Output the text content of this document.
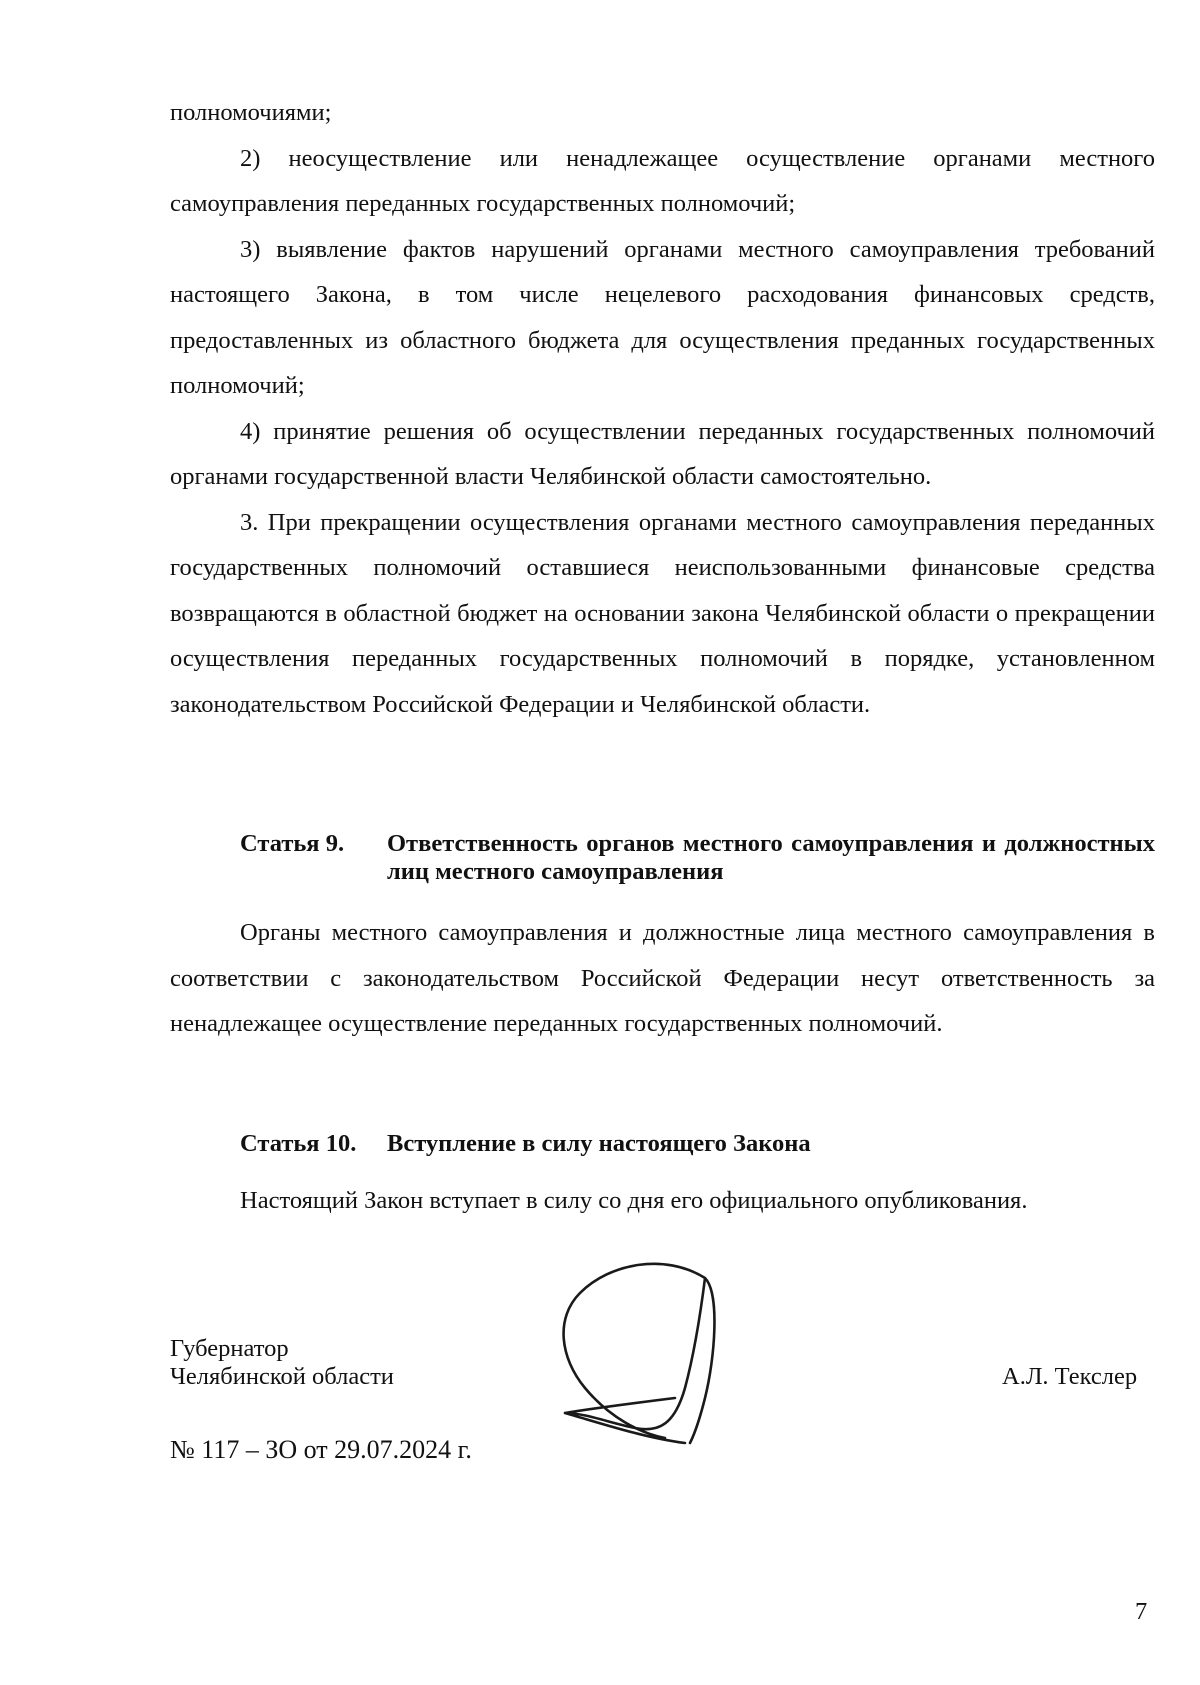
полномочиями;

2) неосуществление или ненадлежащее осуществление органами местного самоуправления переданных государственных полномочий;

3) выявление фактов нарушений органами местного самоуправления требований настоящего Закона, в том числе нецелевого расходования финансовых средств, предоставленных из областного бюджета для осуществления преданных государственных полномочий;

4) принятие решения об осуществлении переданных государственных полномочий органами государственной власти Челябинской области самостоятельно.

3. При прекращении осуществления органами местного самоуправления переданных государственных полномочий оставшиеся неиспользованными финансовые средства возвращаются в областной бюджет на основании закона Челябинской области о прекращении осуществления переданных государственных полномочий в порядке, установленном законодательством Российской Федерации и Челябинской области.

Статья 9. Ответственность органов местного самоуправления и должностных лиц местного самоуправления

Органы местного самоуправления и должностные лица местного самоуправления в соответствии с законодательством Российской Федерации несут ответственность за ненадлежащее осуществление переданных государственных полномочий.

Статья 10. Вступление в силу настоящего Закона

Настоящий Закон вступает в силу со дня его официального опубликования.

Губернатор
Челябинской области	А.Л. Текслер
№ 117 – ЗО от 29.07.2024 г.
7
